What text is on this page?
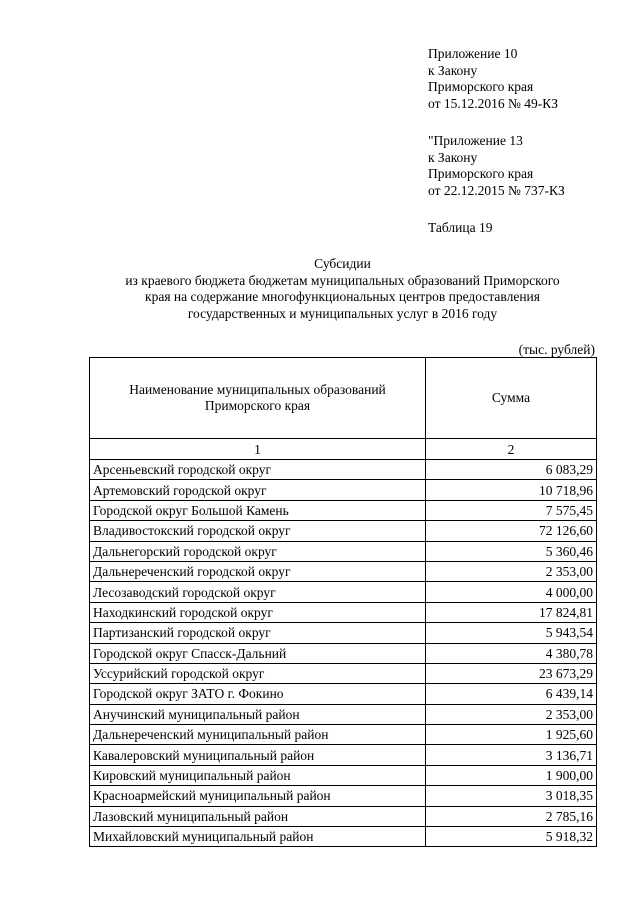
Приложение 10
к Закону
Приморского края
от 15.12.2016 № 49-КЗ
"Приложение 13
к Закону
Приморского края
от 22.12.2015 № 737-КЗ
Таблица 19
Субсидии
из краевого бюджета бюджетам муниципальных образований Приморского
края на содержание многофункциональных центров предоставления
государственных и муниципальных услуг в 2016 году
(тыс. рублей)
Наименование муниципальных образований Приморского края	Сумма
1	2
Арсеньевский городской округ	6 083,29
Артемовский городской округ	10 718,96
Городской округ Большой Камень	7 575,45
Владивостокский городской округ	72 126,60
Дальнегорский городской округ	5 360,46
Дальнереченский городской округ	2 353,00
Лесозаводский городской округ	4 000,00
Находкинский городской округ	17 824,81
Партизанский городской округ	5 943,54
Городской округ Спасск-Дальний	4 380,78
Уссурийский городской округ	23 673,29
Городской округ ЗАТО г. Фокино	6 439,14
Анучинский муниципальный район	2 353,00
Дальнереченский муниципальный район	1 925,60
Кавалеровский муниципальный район	3 136,71
Кировский муниципальный район	1 900,00
Красноармейский муниципальный район	3 018,35
Лазовский муниципальный район	2 785,16
Михайловский муниципальный район	5 918,32
